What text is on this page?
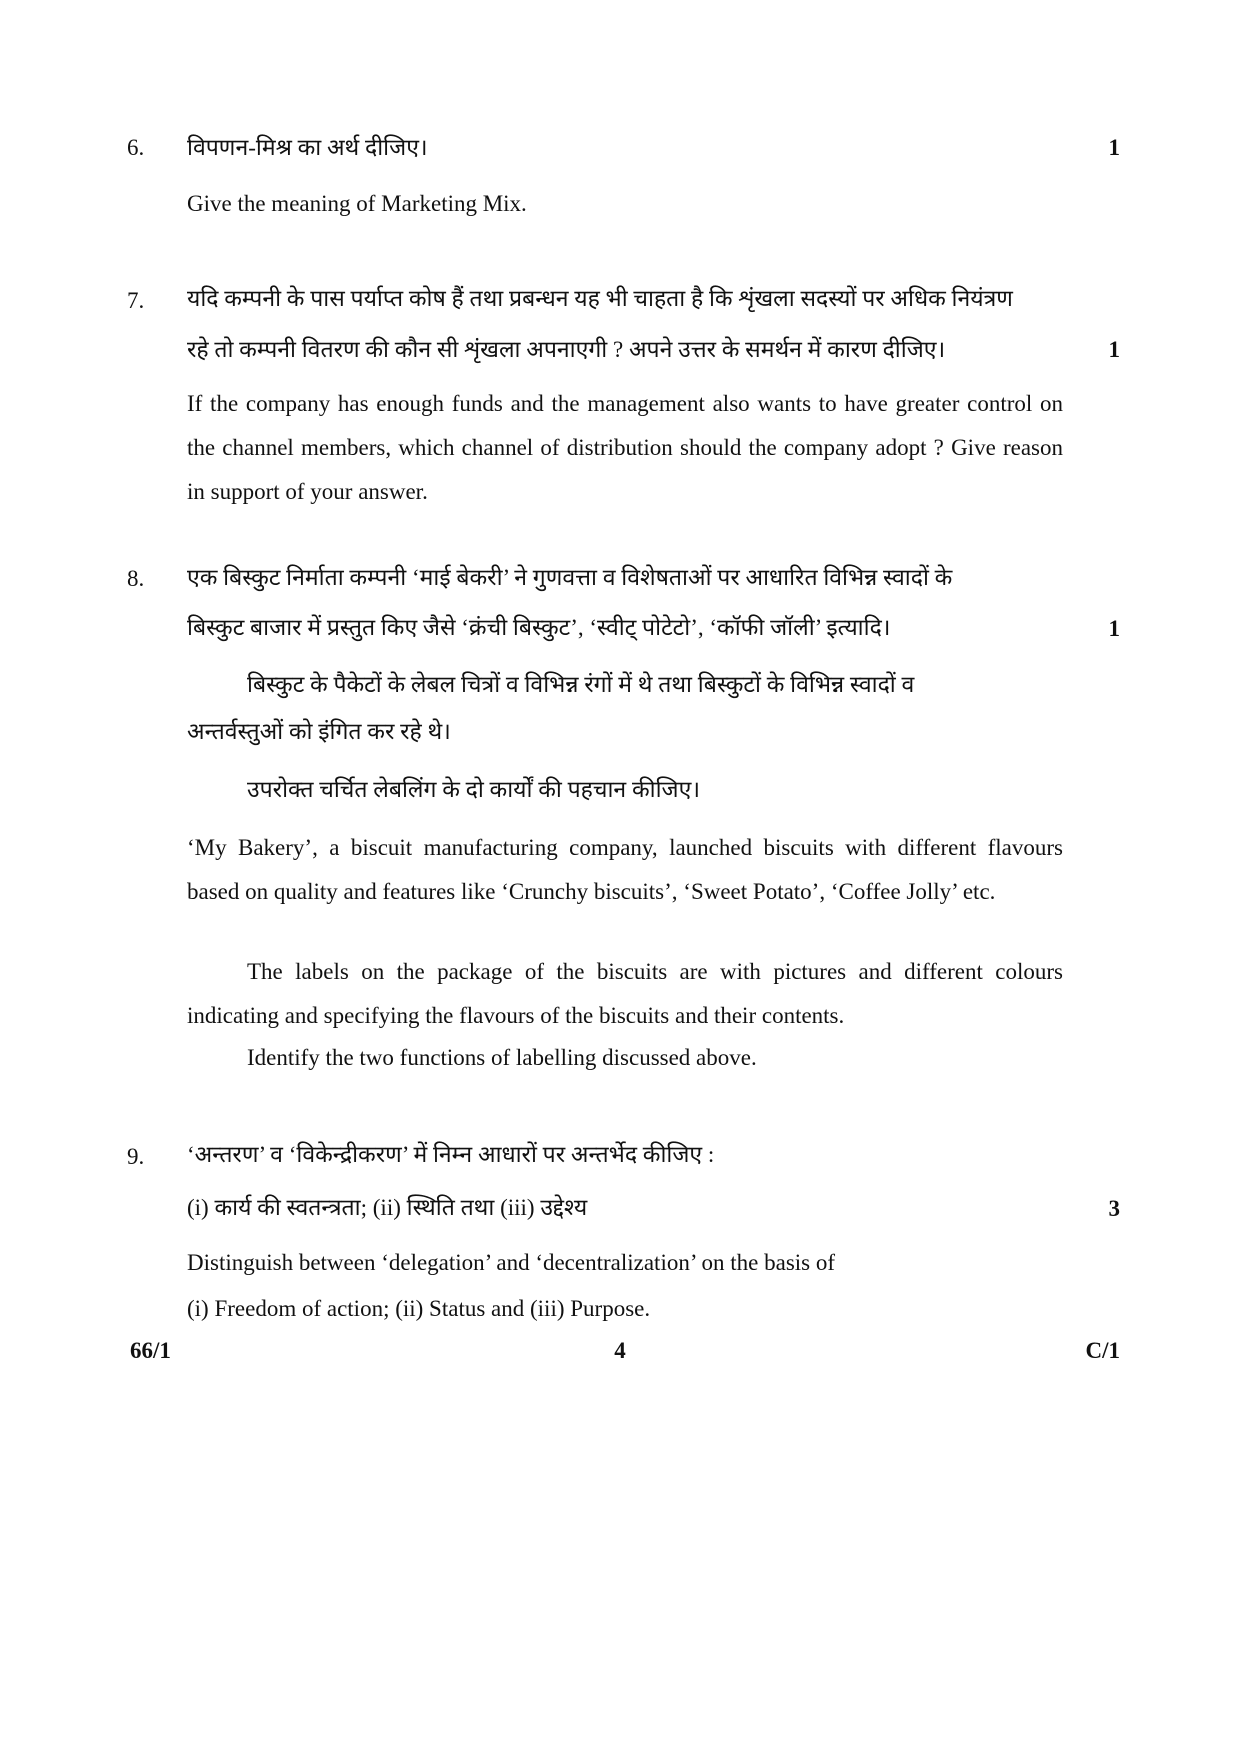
6. विपणन-मिश्र का अर्थ दीजिए।	1
Give the meaning of Marketing Mix.
7. यदि कम्पनी के पास पर्याप्त कोष हैं तथा प्रबन्धन यह भी चाहता है कि शृंखला सदस्यों पर अधिक नियंत्रण
रहे तो कम्पनी वितरण की कौन सी शृंखला अपनाएगी ? अपने उत्तर के समर्थन में कारण दीजिए।	1
If the company has enough funds and the management also wants to have greater control on the channel members, which channel of distribution should the company adopt ? Give reason in support of your answer.
8. एक बिस्कुट निर्माता कम्पनी ‘माई बेकरी’ ने गुणवत्ता व विशेषताओं पर आधारित विभिन्न स्वादों के
बिस्कुट बाजार में प्रस्तुत किए जैसे ‘क्रंची बिस्कुट’, ‘स्वीट् पोटेटो’, ‘कॉफी जॉली’ इत्यादि।	1
बिस्कुट के पैकेटों के लेबल चित्रों व विभिन्न रंगों में थे तथा बिस्कुटों के विभिन्न स्वादों व
अन्तर्वस्तुओं को इंगित कर रहे थे।
उपरोक्त चर्चित लेबलिंग के दो कार्यों की पहचान कीजिए।
‘My Bakery’, a biscuit manufacturing company, launched biscuits with different flavours based on quality and features like ‘Crunchy biscuits’, ‘Sweet Potato’, ‘Coffee Jolly’ etc.
The labels on the package of the biscuits are with pictures and different colours indicating and specifying the flavours of the biscuits and their contents.
Identify the two functions of labelling discussed above.
9. ‘अन्तरण’ व ‘विकेन्द्रीकरण’ में निम्न आधारों पर अन्तर्भेद कीजिए :
(i) कार्य की स्वतन्त्रता; (ii) स्थिति तथा (iii) उद्देश्य	3
Distinguish between ‘delegation’ and ‘decentralization’ on the basis of
(i) Freedom of action; (ii) Status and (iii) Purpose.
66/1	4	C/1
